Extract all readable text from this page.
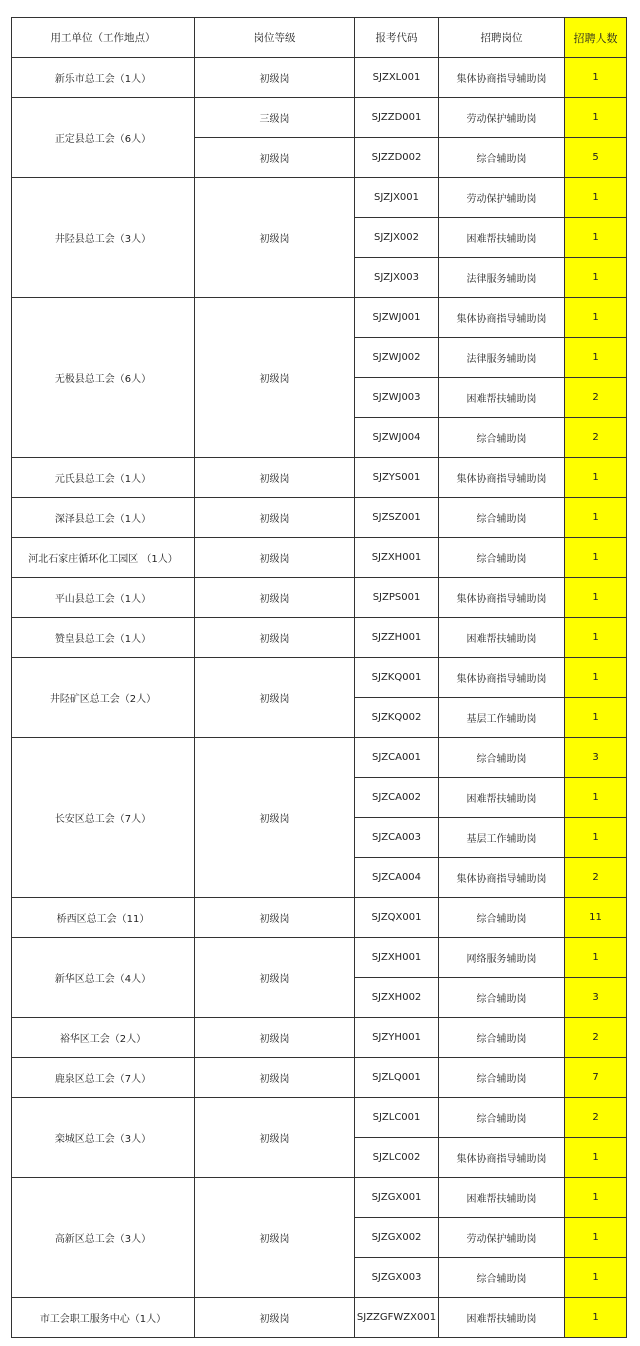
用工单位（工作地点）	岗位等级	报考代码	招聘岗位	招聘人数
新乐市总工会（1人）	初级岗	SJZXL001	集体协商指导辅助岗	1
正定县总工会（6人）	三级岗	SJZZD001	劳动保护辅助岗	1
	初级岗	SJZZD002	综合辅助岗	5
井陉县总工会（3人）	初级岗	SJZJX001	劳动保护辅助岗	1
		SJZJX002	困难帮扶辅助岗	1
		SJZJX003	法律服务辅助岗	1
无极县总工会（6人）	初级岗	SJZWJ001	集体协商指导辅助岗	1
		SJZWJ002	法律服务辅助岗	1
		SJZWJ003	困难帮扶辅助岗	2
		SJZWJ004	综合辅助岗	2
元氏县总工会（1人）	初级岗	SJZYS001	集体协商指导辅助岗	1
深泽县总工会（1人）	初级岗	SJZSZ001	综合辅助岗	1
河北石家庄循环化工园区 （1人）	初级岗	SJZXH001	综合辅助岗	1
平山县总工会（1人）	初级岗	SJZPS001	集体协商指导辅助岗	1
赞皇县总工会（1人）	初级岗	SJZZH001	困难帮扶辅助岗	1
井陉矿区总工会（2人）	初级岗	SJZKQ001	集体协商指导辅助岗	1
		SJZKQ002	基层工作辅助岗	1
长安区总工会（7人）	初级岗	SJZCA001	综合辅助岗	3
		SJZCA002	困难帮扶辅助岗	1
		SJZCA003	基层工作辅助岗	1
		SJZCA004	集体协商指导辅助岗	2
桥西区总工会（11）	初级岗	SJZQX001	综合辅助岗	11
新华区总工会（4人）	初级岗	SJZXH001	网络服务辅助岗	1
		SJZXH002	综合辅助岗	3
裕华区工会（2人）	初级岗	SJZYH001	综合辅助岗	2
鹿泉区总工会（7人）	初级岗	SJZLQ001	综合辅助岗	7
栾城区总工会（3人）	初级岗	SJZLC001	综合辅助岗	2
		SJZLC002	集体协商指导辅助岗	1
高新区总工会（3人）	初级岗	SJZGX001	困难帮扶辅助岗	1
		SJZGX002	劳动保护辅助岗	1
		SJZGX003	综合辅助岗	1
市工会职工服务中心（1人）	初级岗	SJZZGFWZX001	困难帮扶辅助岗	1
